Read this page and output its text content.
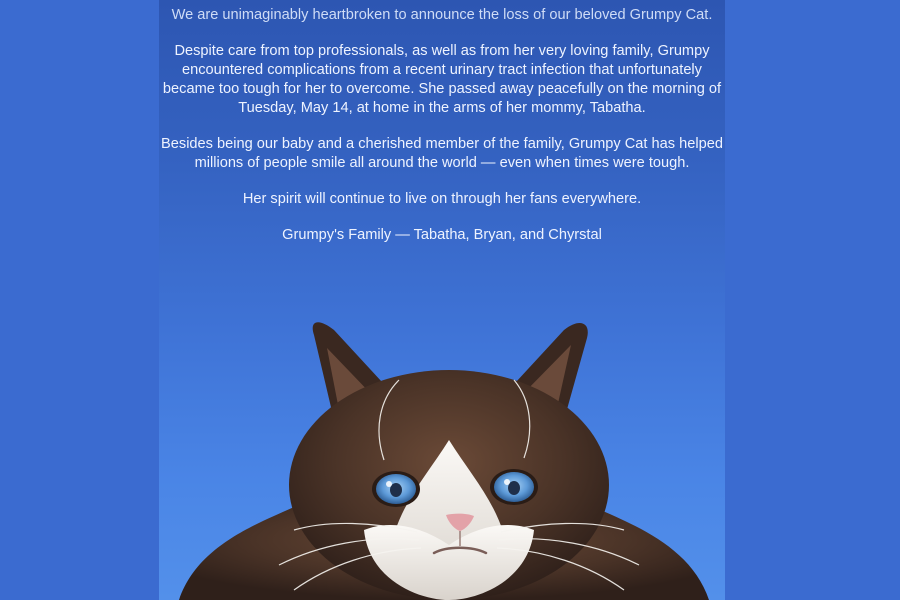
We are unimaginably heartbroken to announce the loss of our beloved Grumpy Cat.

Despite care from top professionals, as well as from her very loving family, Grumpy encountered complications from a recent urinary tract infection that unfortunately became too tough for her to overcome. She passed away peacefully on the morning of Tuesday, May 14, at home in the arms of her mommy, Tabatha.

Besides being our baby and a cherished member of the family, Grumpy Cat has helped millions of people smile all around the world — even when times were tough.

Her spirit will continue to live on through her fans everywhere.

Grumpy's Family — Tabatha, Bryan, and Chyrstal
